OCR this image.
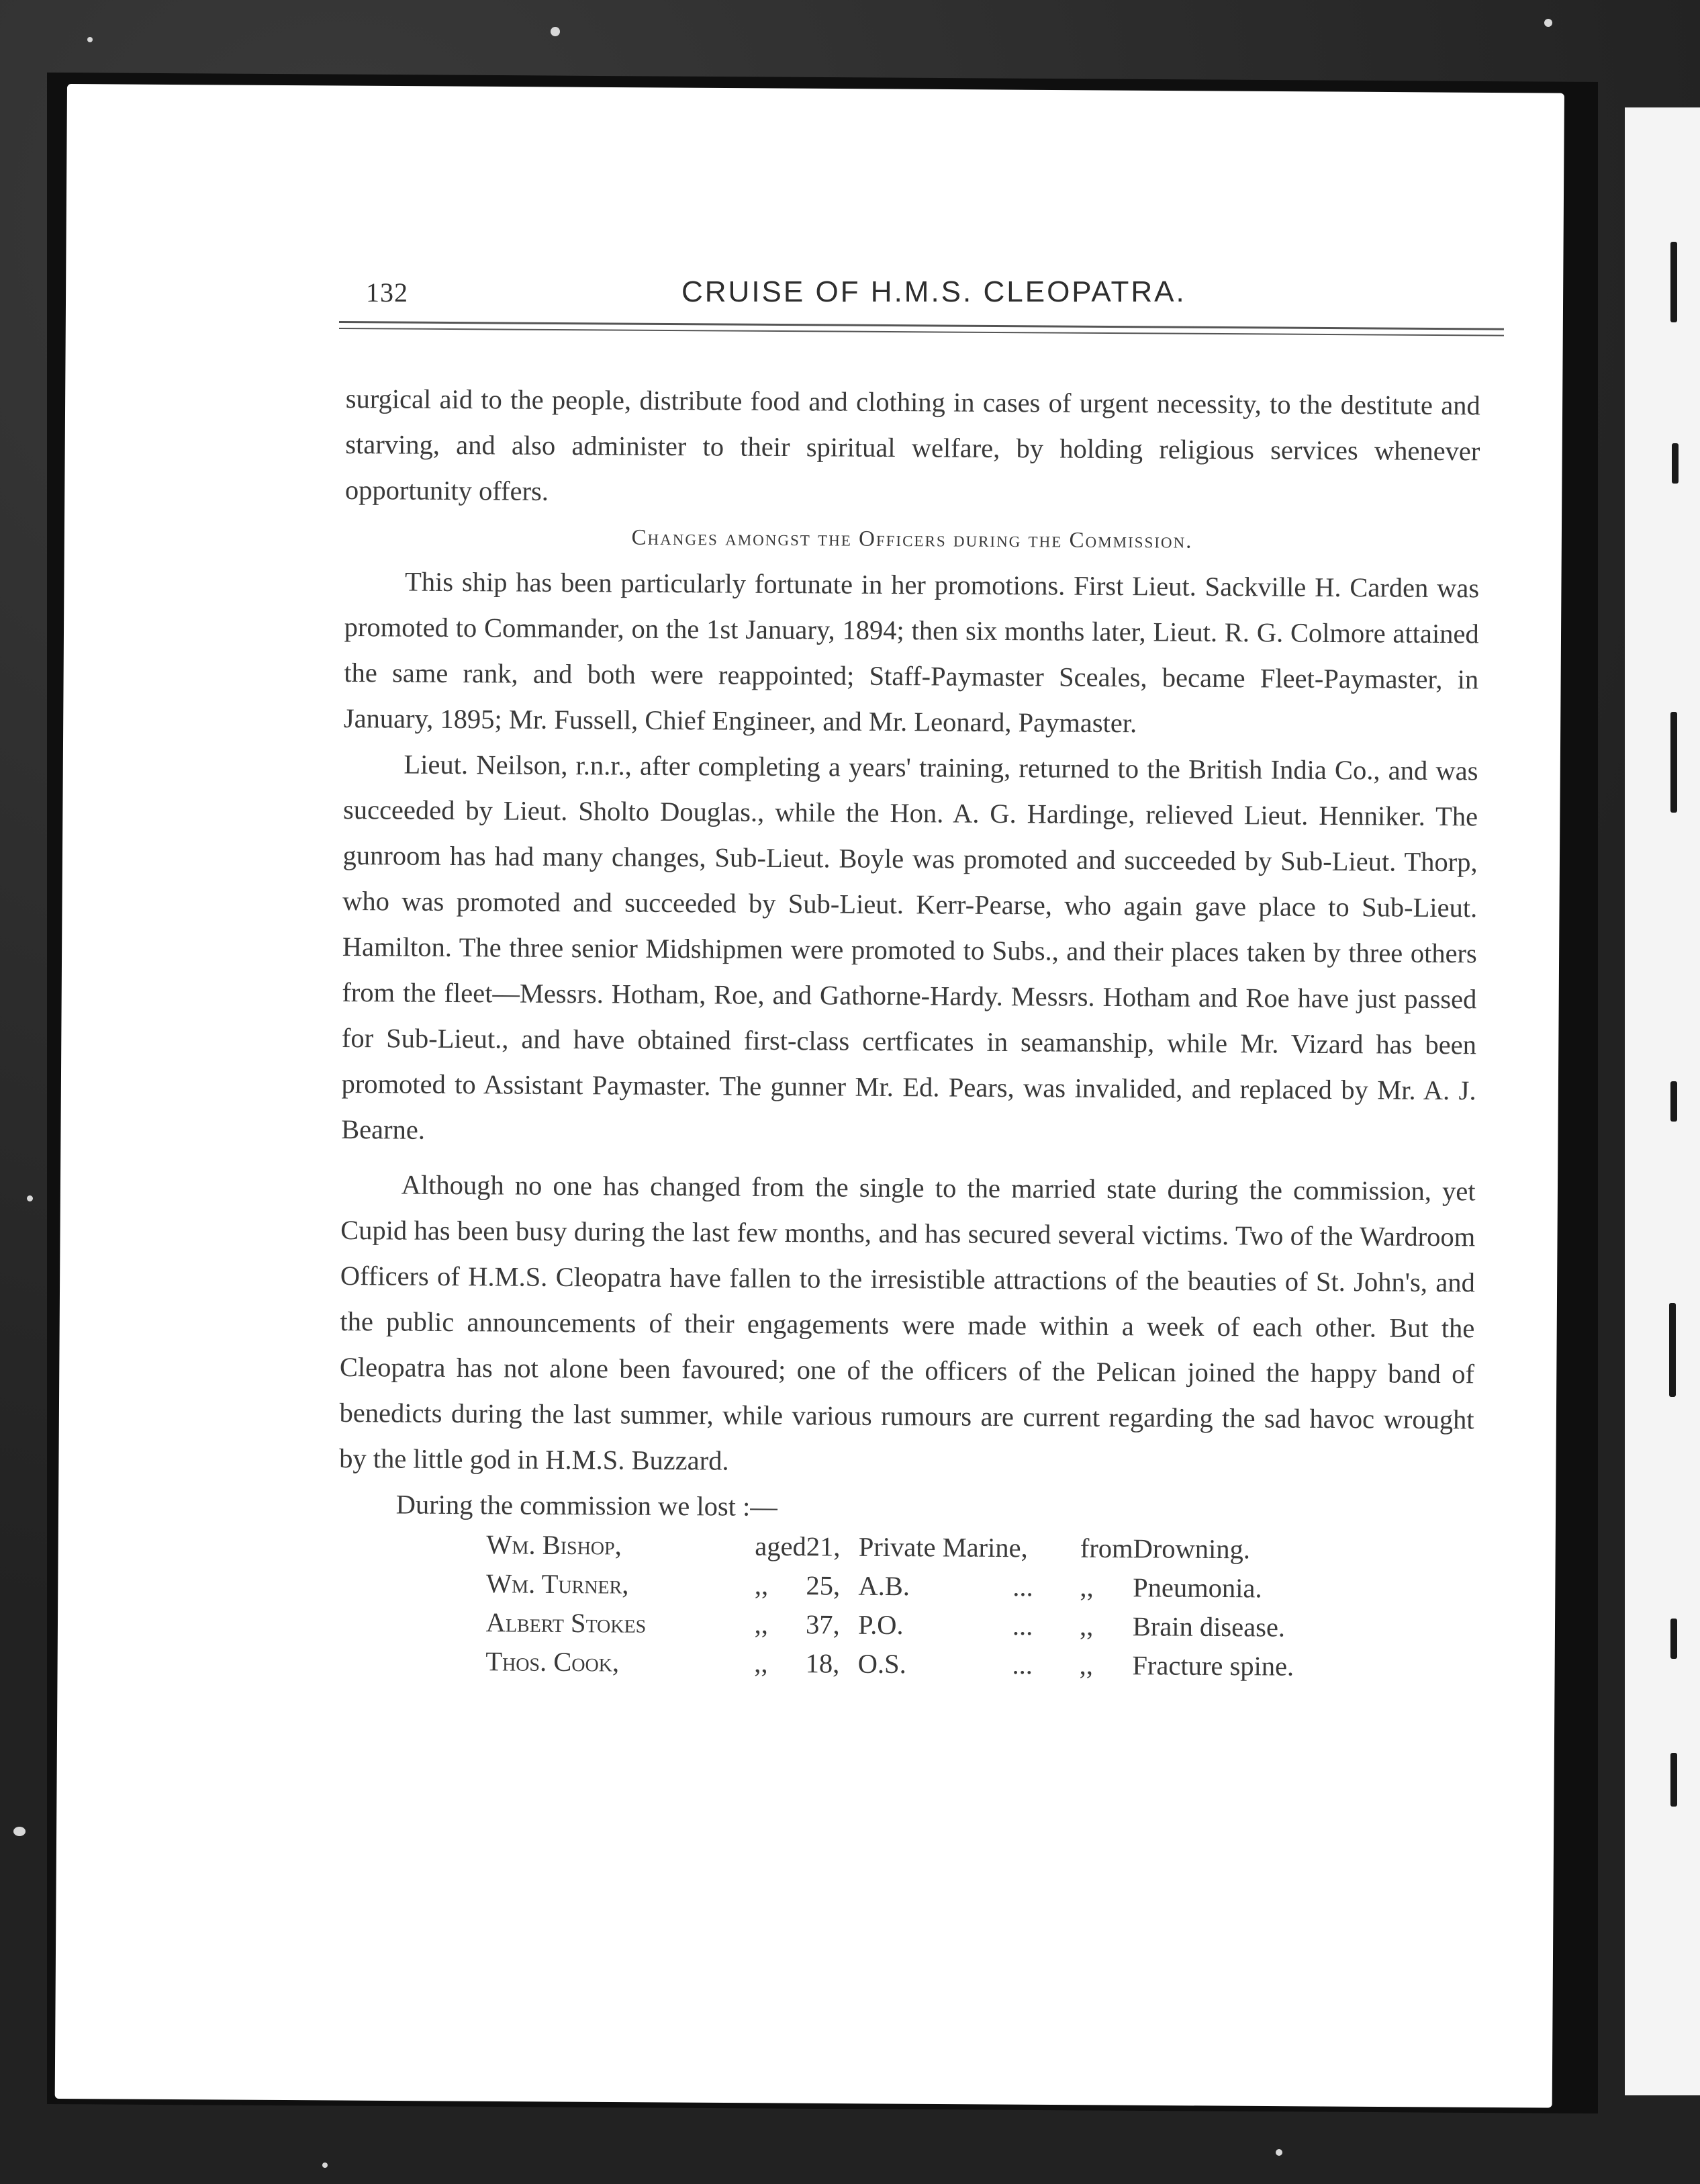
132	CRUISE OF H.M.S. CLEOPATRA.

surgical aid to the people, distribute food and clothing in cases of urgent necessity, to the destitute and starving, and also administer to their spiritual welfare, by holding religious services whenever opportunity offers.

Changes amongst the Officers during the Commission.

This ship has been particularly fortunate in her promotions. First Lieut. Sackville H. Carden was promoted to Commander, on the 1st January, 1894; then six months later, Lieut. R. G. Colmore attained the same rank, and both were reappointed; Staff-Paymaster Sceales, became Fleet-Paymaster, in January, 1895; Mr. Fussell, Chief Engineer, and Mr. Leonard, Paymaster.

Lieut. Neilson, r.n.r., after completing a years' training, returned to the British India Co., and was succeeded by Lieut. Sholto Douglas., while the Hon. A. G. Hardinge, relieved Lieut. Henniker. The gunroom has had many changes, Sub-Lieut. Boyle was promoted and succeeded by Sub-Lieut. Thorp, who was promoted and succeeded by Sub-Lieut. Kerr-Pearse, who again gave place to Sub-Lieut. Hamilton. The three senior Midshipmen were promoted to Subs., and their places taken by three others from the fleet—Messrs. Hotham, Roe, and Gathorne-Hardy. Messrs. Hotham and Roe have just passed for Sub-Lieut., and have obtained first-class certficates in seamanship, while Mr. Vizard has been promoted to Assistant Paymaster. The gunner Mr. Ed. Pears, was invalided, and replaced by Mr. A. J. Bearne.

Although no one has changed from the single to the married state during the commission, yet Cupid has been busy during the last few months, and has secured several victims. Two of the Wardroom Officers of H.M.S. Cleopatra have fallen to the irresistible attractions of the beauties of St. John's, and the public announcements of their engagements were made within a week of each other. But the Cleopatra has not alone been favoured; one of the officers of the Pelican joined the happy band of benedicts during the last summer, while various rumours are current regarding the sad havoc wrought by the little god in H.M.S. Buzzard.

During the commission we lost :—

Wm. Bishop,	aged	21,	Private Marine,		from	Drowning.
Wm. Turner,	,,	25,	A.B.	...	,,	Pneumonia.
Albert Stokes	,,	37,	P.O.	...	,,	Brain disease.
Thos. Cook,	,,	18,	O.S.	...	,,	Fracture spine.
